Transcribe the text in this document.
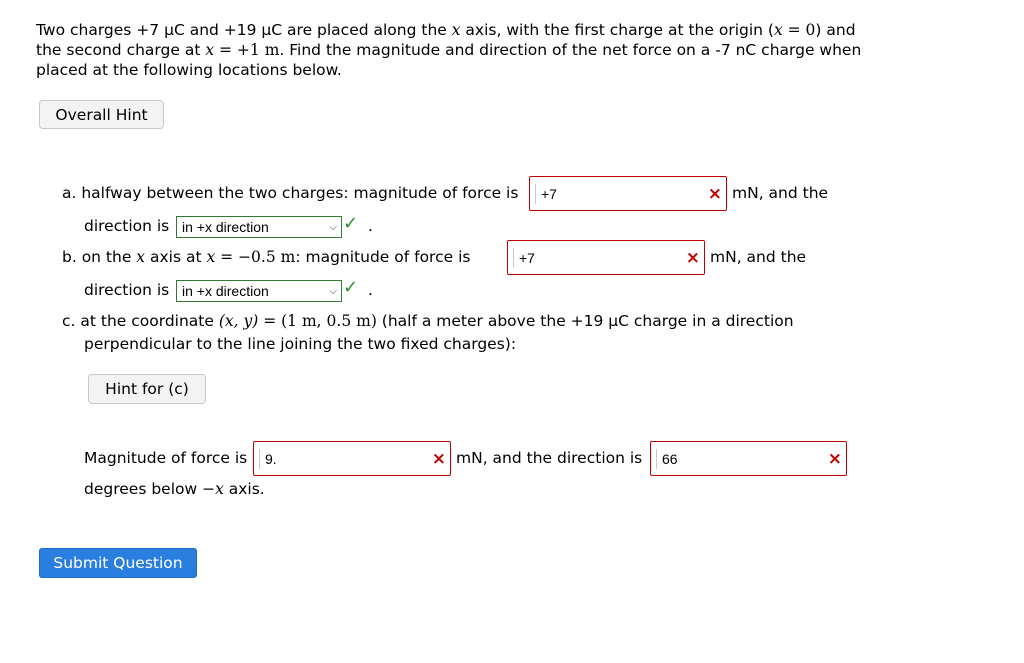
Two charges +7 μC and +19 μC are placed along the x axis, with the first charge at the origin (x = 0) and the second charge at x = +1 m. Find the magnitude and direction of the net force on a -7 nC charge when placed at the following locations below.
Overall Hint
a. halfway between the two charges: magnitude of force is	+7	× mN, and the
direction is in +x direction	⌵ ✓ .
b. on the x axis at x = −0.5 m: magnitude of force is	+7	× mN, and the
direction is in +x direction	⌵ ✓ .
c. at the coordinate (x, y) = (1 m, 0.5 m) (half a meter above the +19 μC charge in a direction
perpendicular to the line joining the two fixed charges):
Hint for (c)
Magnitude of force is	9.	× mN, and the direction is	66	×
degrees below −x axis.
Submit Question
